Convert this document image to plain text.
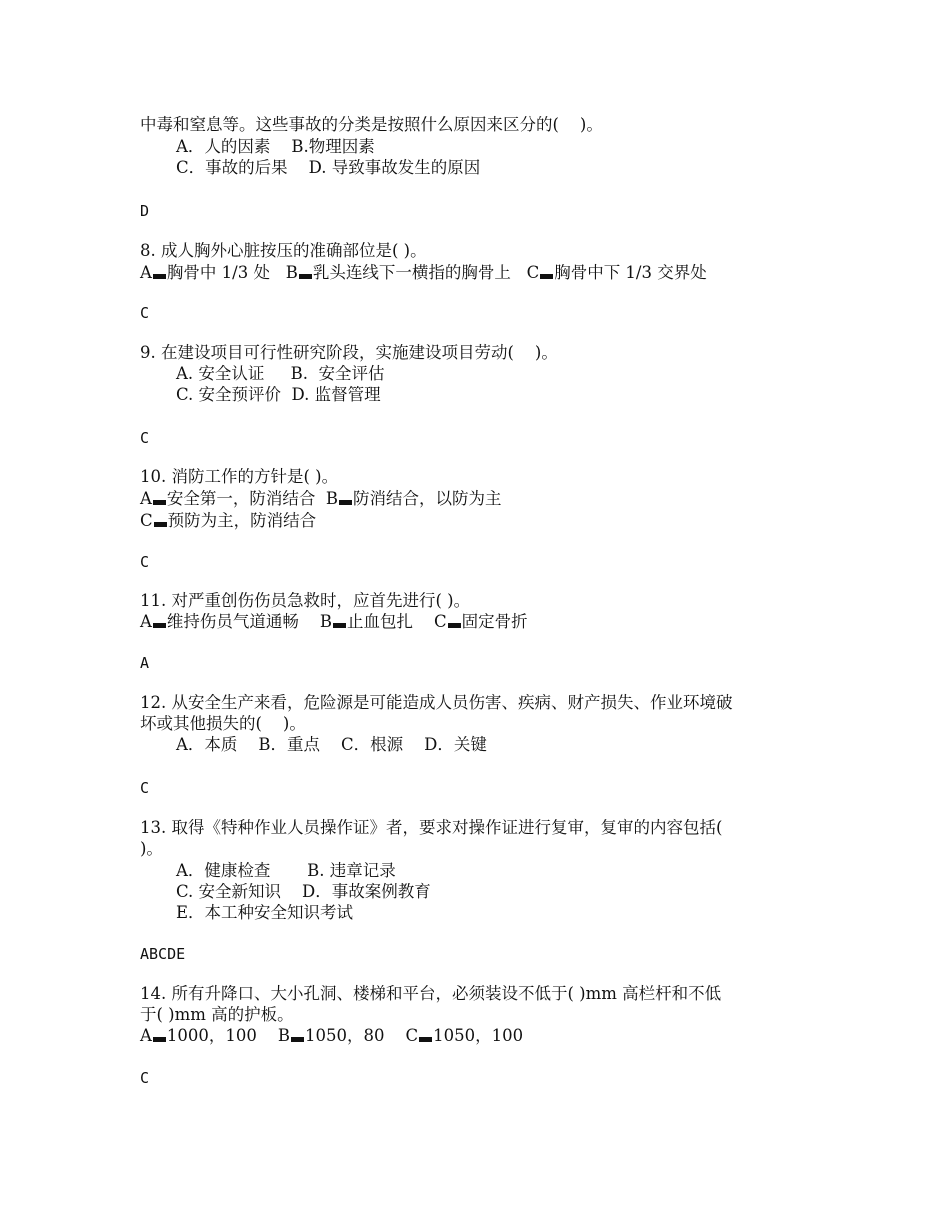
中毒和窒息等。这些事故的分类是按照什么原因来区分的(    )。
A．人的因素    B.物理因素
C．事故的后果    D. 导致事故发生的原因
D
8. 成人胸外心脏按压的准确部位是( )。
A 胸骨中 1/3 处   B 乳头连线下一横指的胸骨上   C 胸骨中下 1/3 交界处
C
9. 在建设项目可行性研究阶段，实施建设项目劳动(    )。
A. 安全认证     B.  安全评估
C. 安全预评价  D. 监督管理
C
10. 消防工作的方针是( )。
A 安全第一，防消结合  B 防消结合，以防为主
C 预防为主，防消结合
C
11. 对严重创伤伤员急救时，应首先进行( )。
A 维持伤员气道通畅    B 止血包扎    C 固定骨折
A
12. 从安全生产来看，危险源是可能造成人员伤害、疾病、财产损失、作业环境破
坏或其他损失的(    )。
A．本质    B．重点    C．根源    D．关键
C
13. 取得《特种作业人员操作证》者，要求对操作证进行复审，复审的内容包括(
)。
A．健康检查       B. 违章记录
C. 安全新知识    D．事故案例教育
E．本工种安全知识考试
ABCDE
14. 所有升降口、大小孔洞、楼梯和平台，必须装设不低于( )mm 高栏杆和不低
于( )mm 高的护板。
A 1000，100    B 1050，80    C 1050，100
C
